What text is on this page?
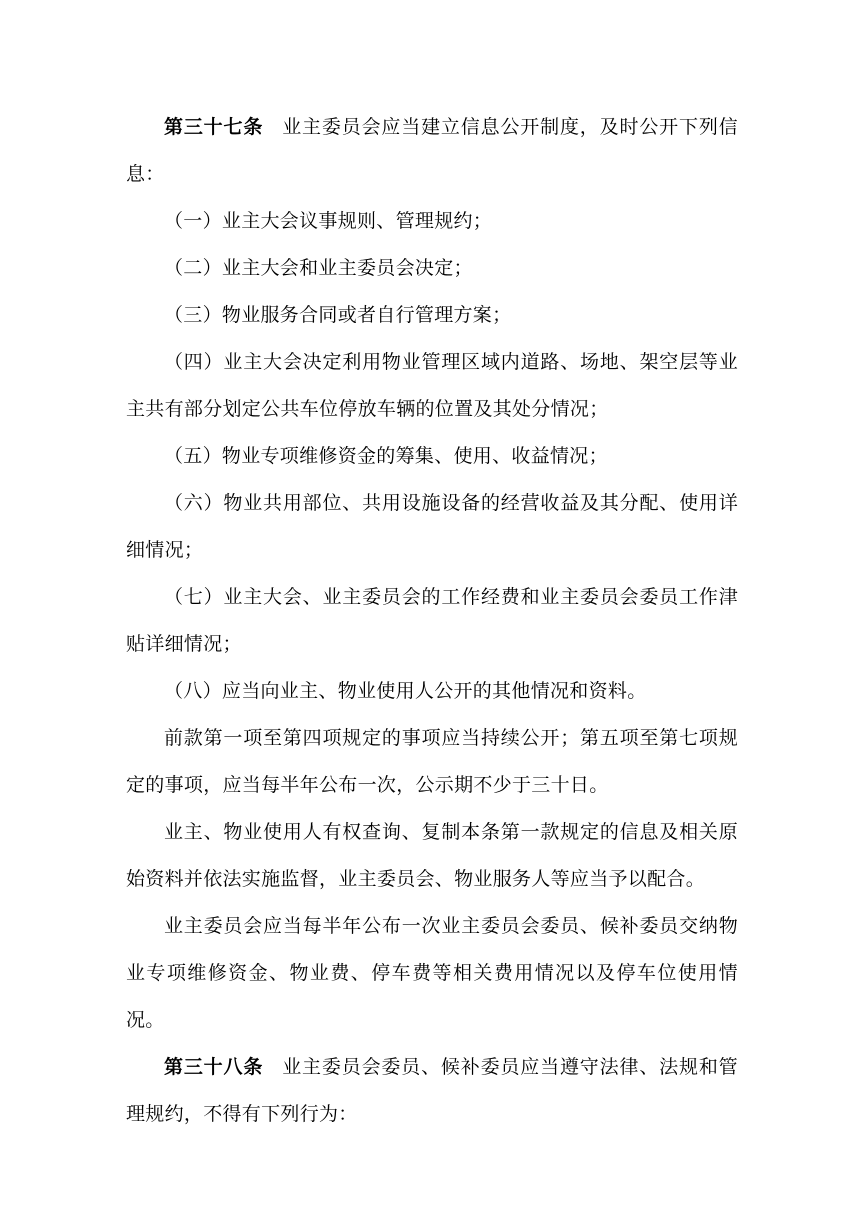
第三十七条 业主委员会应当建立信息公开制度，及时公开下列信息：

（一）业主大会议事规则、管理规约；

（二）业主大会和业主委员会决定；

（三）物业服务合同或者自行管理方案；

（四）业主大会决定利用物业管理区域内道路、场地、架空层等业主共有部分划定公共车位停放车辆的位置及其处分情况；

（五）物业专项维修资金的筹集、使用、收益情况；

（六）物业共用部位、共用设施设备的经营收益及其分配、使用详细情况；

（七）业主大会、业主委员会的工作经费和业主委员会委员工作津贴详细情况；

（八）应当向业主、物业使用人公开的其他情况和资料。

前款第一项至第四项规定的事项应当持续公开；第五项至第七项规定的事项，应当每半年公布一次，公示期不少于三十日。

业主、物业使用人有权查询、复制本条第一款规定的信息及相关原始资料并依法实施监督，业主委员会、物业服务人等应当予以配合。

业主委员会应当每半年公布一次业主委员会委员、候补委员交纳物业专项维修资金、物业费、停车费等相关费用情况以及停车位使用情况。

第三十八条 业主委员会委员、候补委员应当遵守法律、法规和管理规约，不得有下列行为：
